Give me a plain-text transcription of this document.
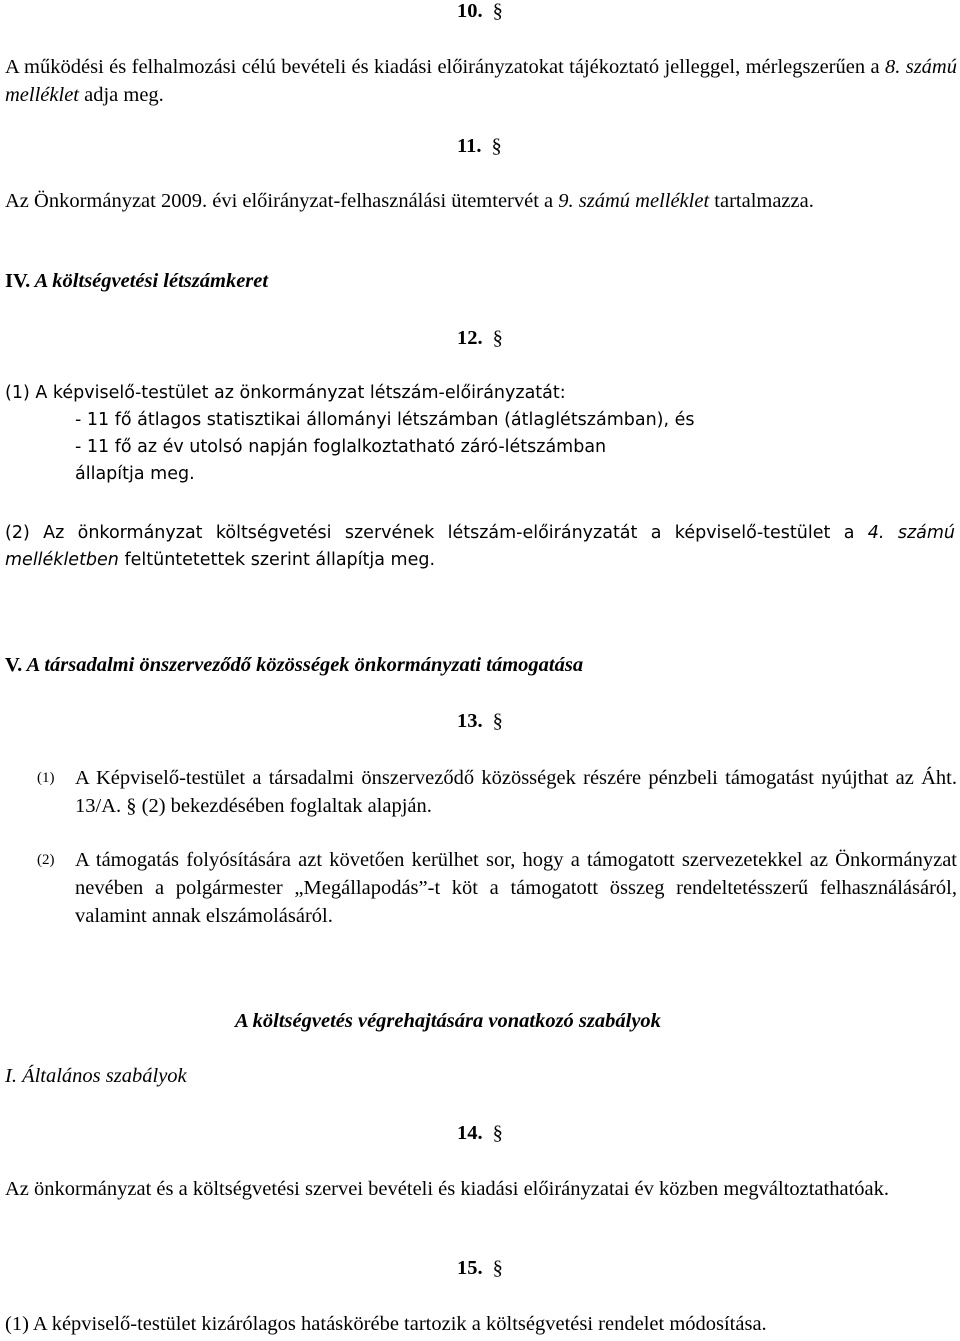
10. §
A működési és felhalmozási célú bevételi és kiadási előirányzatokat tájékoztató jelleggel, mérlegszerűen a 8. számú melléklet adja meg.
11. §
Az Önkormányzat 2009. évi előirányzat-felhasználási ütemtervét a 9. számú melléklet tartalmazza.
IV. A költségvetési létszámkeret
12. §
(1) A képviselő-testület az önkormányzat létszám-előirányzatát:
- 11 fő átlagos statisztikai állományi létszámban (átlaglétszámban), és
- 11 fő az év utolsó napján foglalkoztatható záró-létszámban
állapítja meg.
(2) Az önkormányzat költségvetési szervének létszám-előirányzatát a képviselő-testület a 4. számú mellékletben feltüntetettek szerint állapítja meg.
V. A társadalmi önszerveződő közösségek önkormányzati támogatása
13. §
(1) A Képviselő-testület a társadalmi önszerveződő közösségek részére pénzbeli támogatást nyújthat az Áht. 13/A. § (2) bekezdésében foglaltak alapján.
(2) A támogatás folyósítására azt követően kerülhet sor, hogy a támogatott szervezetekkel az Önkormányzat nevében a polgármester „Megállapodás”-t köt a támogatott összeg rendeltetésszerű felhasználásáról, valamint annak elszámolásáról.
A költségvetés végrehajtására vonatkozó szabályok
I. Általános szabályok
14. §
Az önkormányzat és a költségvetési szervei bevételi és kiadási előirányzatai év közben megváltoztathatóak.
15. §
(1) A képviselő-testület kizárólagos hatáskörébe tartozik a költségvetési rendelet módosítása.
